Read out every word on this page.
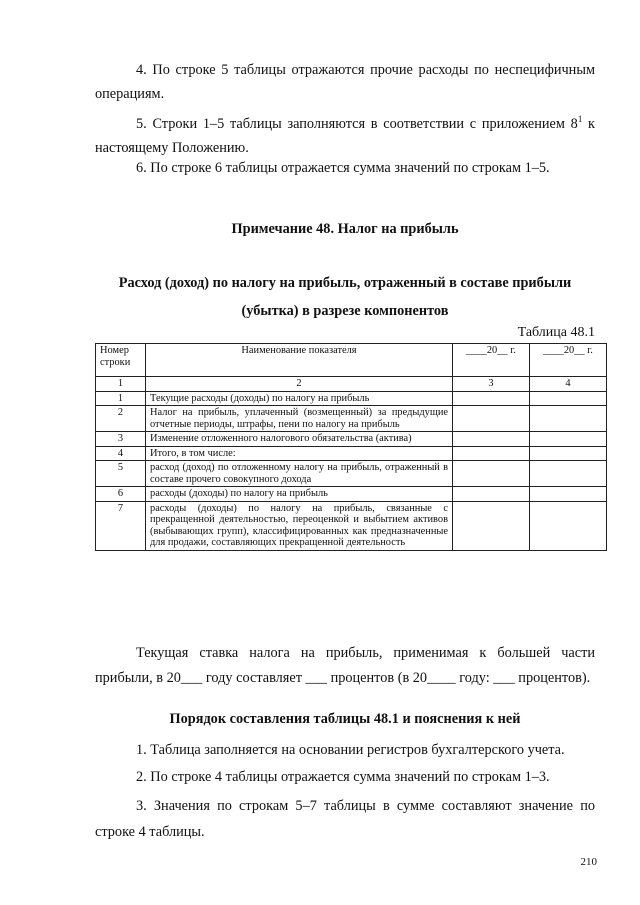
4. По строке 5 таблицы отражаются прочие расходы по неспецифичным операциям.

5. Строки 1–5 таблицы заполняются в соответствии с приложением $8^1$ к настоящему Положению.

6. По строке 6 таблицы отражается сумма значений по строкам 1–5.

Примечание 48. Налог на прибыль

Расход (доход) по налогу на прибыль, отраженный в составе прибыли (убытка) в разрезе компонентов

Таблица 48.1
Номер строки	Наименование показателя	____20__ г.	____20__ г.
1	2	3	4
1	Текущие расходы (доходы) по налогу на прибыль		
2	Налог на прибыль, уплаченный (возмещенный) за предыдущие отчетные периоды, штрафы, пени по налогу на прибыль		
3	Изменение отложенного налогового обязательства (актива)		
4	Итого, в том числе:		
5	расход (доход) по отложенному налогу на прибыль, отраженный в составе прочего совокупного дохода		
6	расходы (доходы) по налогу на прибыль		
7	расходы (доходы) по налогу на прибыль, связанные с прекращенной деятельностью, переоценкой и выбытием активов (выбывающих групп), классифицированных как предназначенные для продажи, составляющих прекращенной деятельность		

Текущая ставка налога на прибыль, применимая к большей части прибыли, в 20___ году составляет ___ процентов (в 20____ году: ___ процентов).

Порядок составления таблицы 48.1 и пояснения к ней

1. Таблица заполняется на основании регистров бухгалтерского учета.

2. По строке 4 таблицы отражается сумма значений по строкам 1–3.

3. Значения по строкам 5–7 таблицы в сумме составляют значение по строке 4 таблицы.

210
